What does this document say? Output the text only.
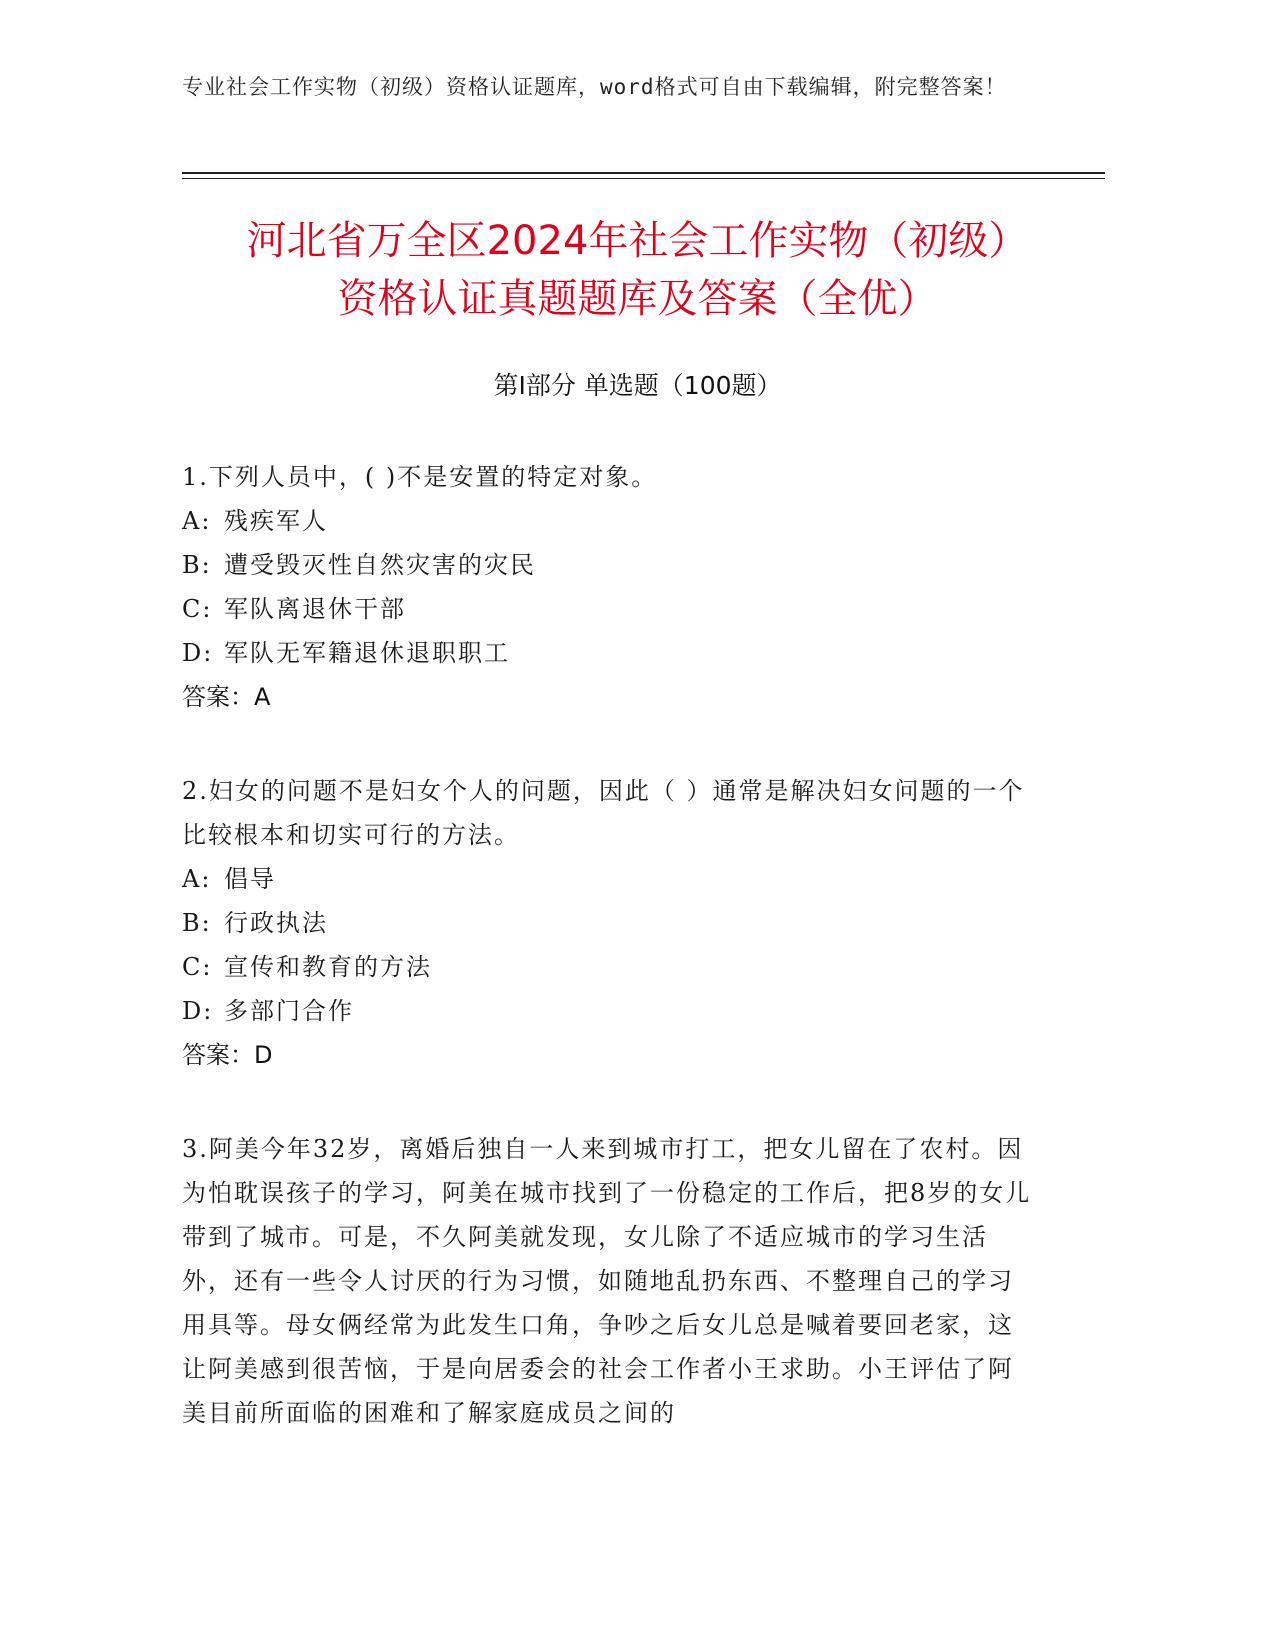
专业社会工作实物（初级）资格认证题库，word格式可自由下载编辑，附完整答案！
河北省万全区2024年社会工作实物（初级）
资格认证真题题库及答案（全优）
第I部分 单选题（100题）

1.下列人员中，( )不是安置的特定对象。

A: 残疾军人

B: 遭受毁灭性自然灾害的灾民

C: 军队离退休干部

D: 军队无军籍退休退职职工

答案：A

2.妇女的问题不是妇女个人的问题，因此（ ）通常是解决妇女问题的一个比较根本和切实可行的方法。

A: 倡导

B: 行政执法

C: 宣传和教育的方法

D: 多部门合作

答案：D

3.阿美今年32岁，离婚后独自一人来到城市打工，把女儿留在了农村。因为怕耽误孩子的学习，阿美在城市找到了一份稳定的工作后，把8岁的女儿带到了城市。可是，不久阿美就发现，女儿除了不适应城市的学习生活外，还有一些令人讨厌的行为习惯，如随地乱扔东西、不整理自己的学习用具等。母女俩经常为此发生口角，争吵之后女儿总是喊着要回老家，这让阿美感到很苦恼，于是向居委会的社会工作者小王求助。小王评估了阿美目前所面临的困难和了解家庭成员之间的
